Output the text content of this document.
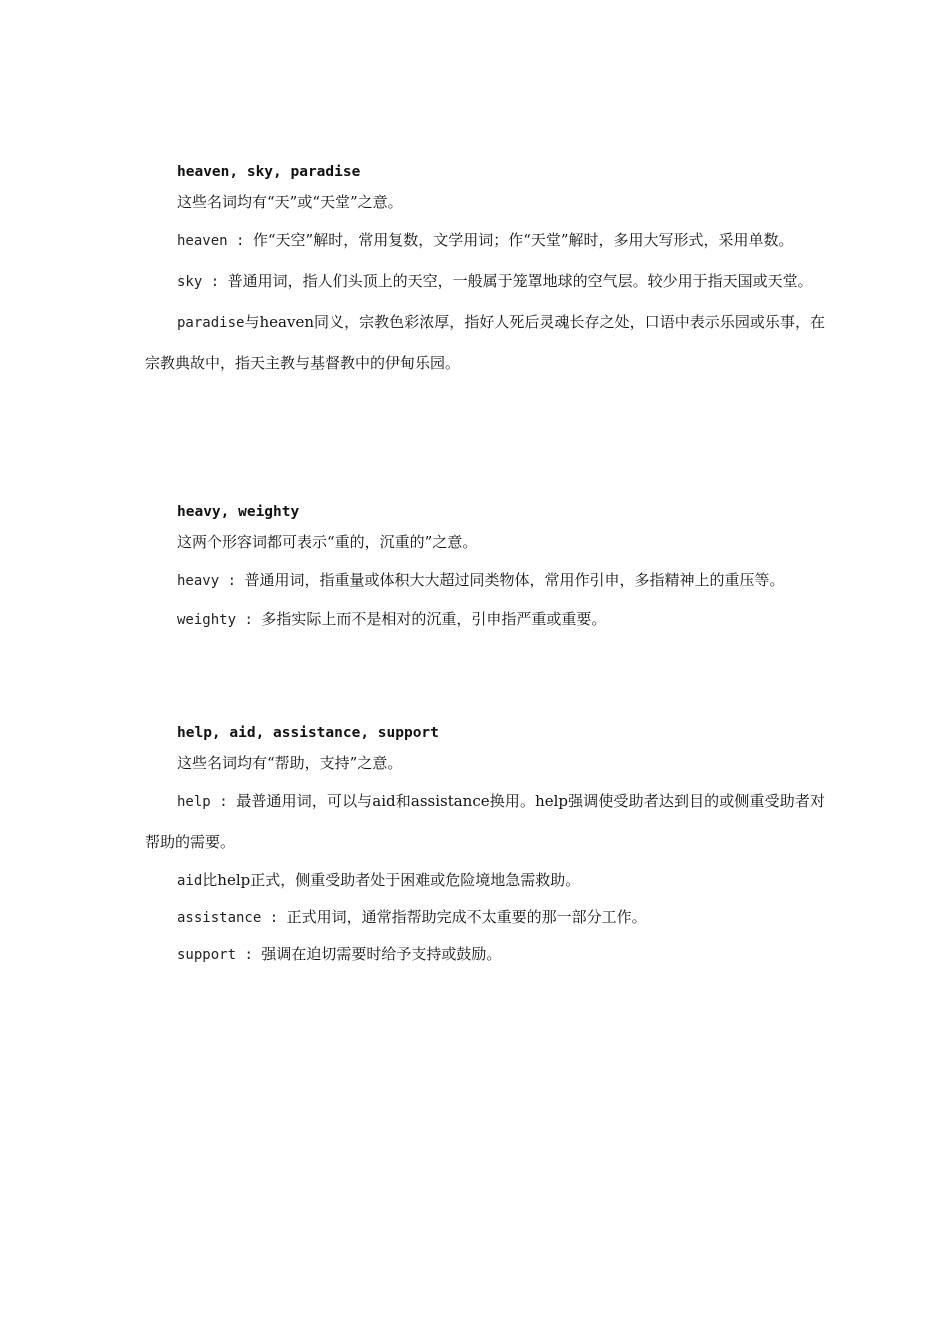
heaven, sky, paradise

这些名词均有“天”或“天堂”之意。

heaven : 作“天空”解时，常用复数，文学用词；作“天堂”解时，多用大写形式，采用单数。

sky : 普通用词，指人们头顶上的天空，一般属于笼罩地球的空气层。较少用于指天国或天堂。

paradise与heaven同义，宗教色彩浓厚，指好人死后灵魂长存之处，口语中表示乐园或乐事，在宗教典故中，指天主教与基督教中的伊甸乐园。

heavy, weighty

这两个形容词都可表示“重的，沉重的”之意。

heavy : 普通用词，指重量或体积大大超过同类物体，常用作引申，多指精神上的重压等。

weighty : 多指实际上而不是相对的沉重，引申指严重或重要。

help, aid, assistance, support

这些名词均有“帮助，支持”之意。

help : 最普通用词，可以与aid和assistance换用。help强调使受助者达到目的或侧重受助者对帮助的需要。

aid比help正式，侧重受助者处于困难或危险境地急需救助。

assistance : 正式用词，通常指帮助完成不太重要的那一部分工作。

support : 强调在迫切需要时给予支持或鼓励。
